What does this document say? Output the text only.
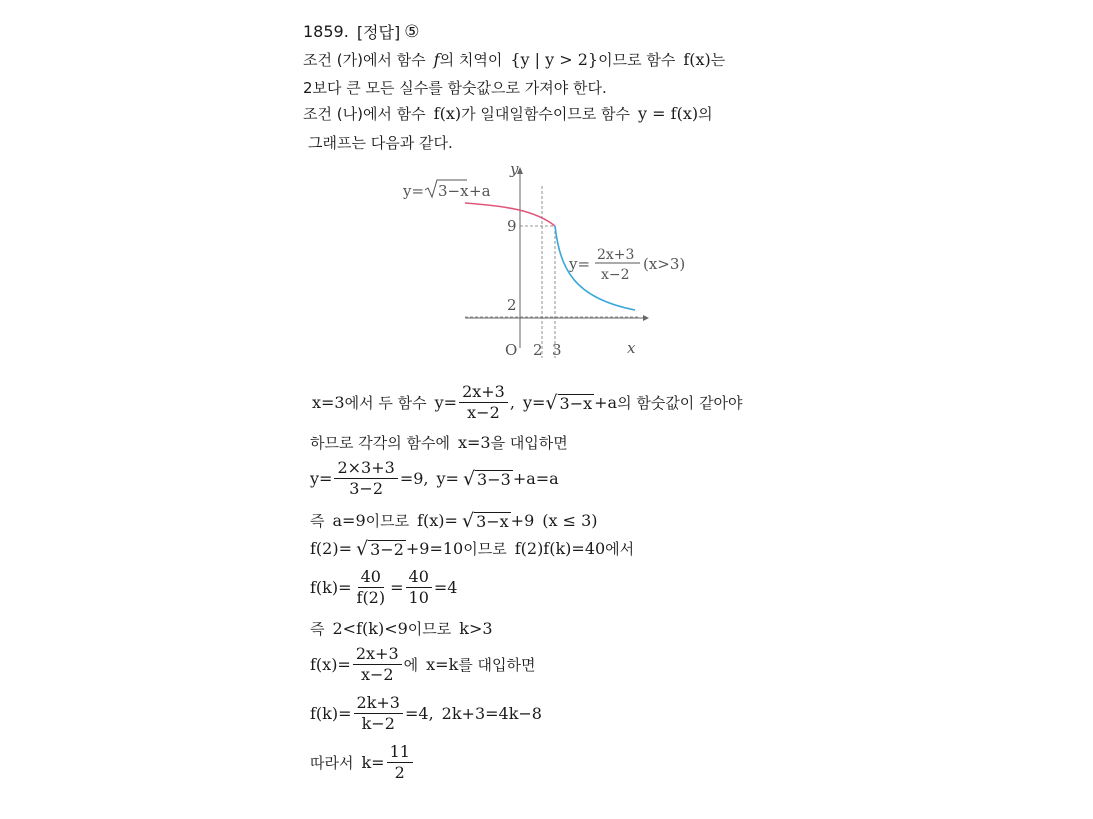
1859. [정답] ⑤
조건 (가)에서 함수 f 의 치역이 {y | y > 2} 이므로 함수 f(x) 는
2보다 큰 모든 실수를 함숫값으로 가져야 한다.
조건 (나)에서 함수 f(x) 가 일대일함수이므로 함수 y = f(x) 의
그래프는 다음과 같다.
y
x
O 2 3
9
2
y= 3−x +a
y= 2x+3
x−2
(x>3)
x=3 에서 두 함수 $y= \frac{2x+3}{x-2}$ , y= √ 3−x +a 의 함숫값이 같아야
하므로 각각의 함수에 x=3 을 대입하면
$y= \frac{2\times 3+3}{3-2} =9$, y= √ 3−3 +a=a
즉 a=9 이므로 f(x)= √ 3−x +9 (x ≤ 3)
f(2)= √ 3−2 +9=10 이므로 f(2)f(k)=40 에서
$f(k)= \frac{40}{f(2)} = \frac{40}{10} =4$
즉 2<f(k)<9 이므로 k>3
$f(x)= \frac{2x+3}{x-2}$ 에 x=k 를 대입하면
$f(k)= \frac{2k+3}{k-2} =4$, 2k+3=4k−8
따라서 $k= \frac{11}{2}$
